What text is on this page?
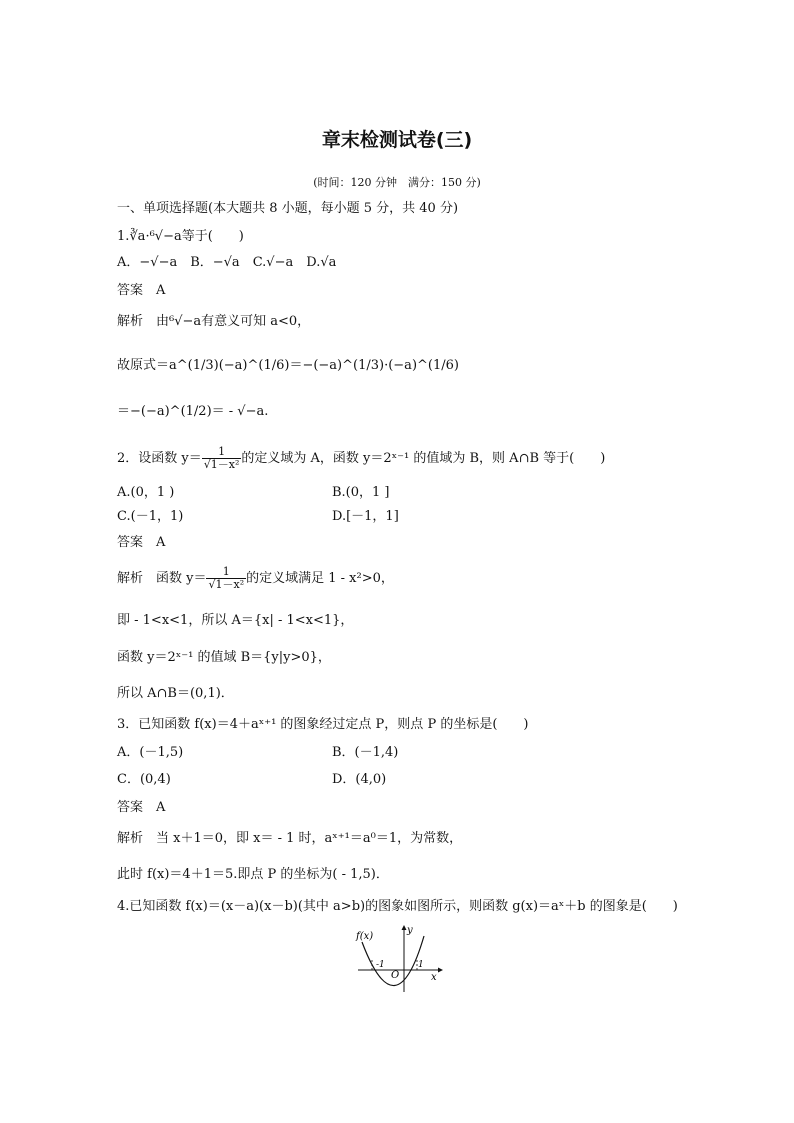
章末检测试卷(三)
(时间：120 分钟　满分：150 分)
一、单项选择题(本大题共 8 小题，每小题 5 分，共 40 分)
1.∛a·⁶√−a等于(　　)
A．−√−a　B．−√a　C.√−a　D.√a
答案　A
解析　由⁶√−a有意义可知 a<0，
故原式＝a^(1/3)(−a)^(1/6)＝−(−a)^(1/3)·(−a)^(1/6)
＝−(−a)^(1/2)＝ - √−a.
2．设函数 $y= \frac{1}{\text{√1－x²}}$ 的定义域为 A，函数 y＝2ˣ⁻¹ 的值域为 B，则 A∩B 等于(　　)
A.(0，1 )	B.(0，1 ]
C.(－1，1)	D.[－1，1]
答案　A
解析　函数 $y= \frac{1}{\text{√1－x²}}$ 的定义域满足 1 - x²>0，
即 - 1<x<1，所以 A＝{x| - 1<x<1}，
函数 y＝2ˣ⁻¹ 的值域 B＝{y|y>0}，
所以 A∩B＝(0,1)．
3．已知函数 f(x)＝4＋aˣ⁺¹ 的图象经过定点 P，则点 P 的坐标是(　　)
A．(－1,5)	B．(－1,4)
C．(0,4)	D．(4,0)
答案　A
解析　当 x＋1＝0，即 x＝ - 1 时，aˣ⁺¹＝a⁰＝1，为常数，
此时 f(x)＝4＋1＝5.即点 P 的坐标为( - 1,5)．
4.已知函数 f(x)＝(x－a)(x－b)(其中 a>b)的图象如图所示，则函数 g(x)＝aˣ＋b 的图象是(　　)
f(x)
y
-1
O
1
x
